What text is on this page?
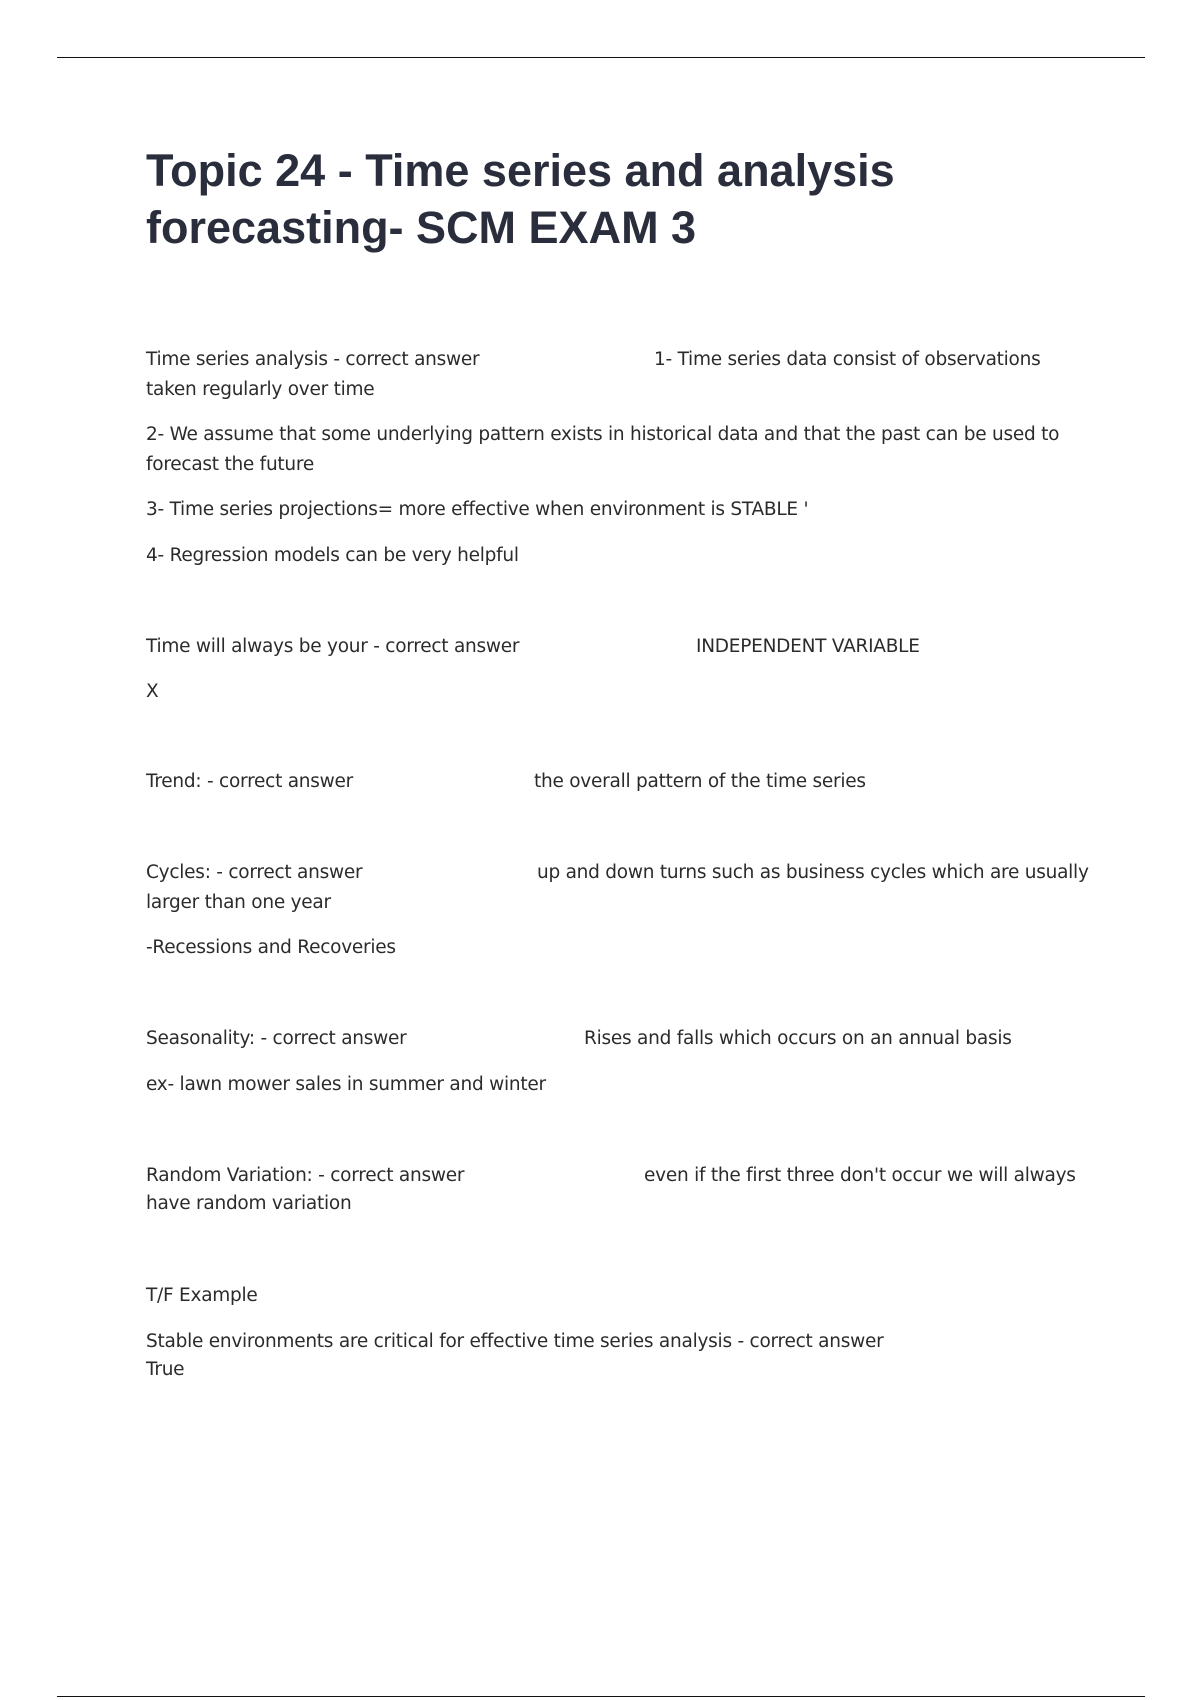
Topic 24 - Time series and analysis forecasting- SCM EXAM 3
Time series analysis - correct answer	1- Time series data consist of observations
taken regularly over time
2- We assume that some underlying pattern exists in historical data and that the past can be used to
forecast the future
3- Time series projections= more effective when environment is STABLE '
4- Regression models can be very helpful
Time will always be your - correct answer	INDEPENDENT VARIABLE
X
Trend: - correct answer	the overall pattern of the time series
Cycles: - correct answer	up and down turns such as business cycles which are usually
larger than one year
-Recessions and Recoveries
Seasonality: - correct answer	Rises and falls which occurs on an annual basis
ex- lawn mower sales in summer and winter
Random Variation: - correct answer	even if the first three don't occur we will always
have random variation
T/F Example
Stable environments are critical for effective time series analysis - correct answer
True
